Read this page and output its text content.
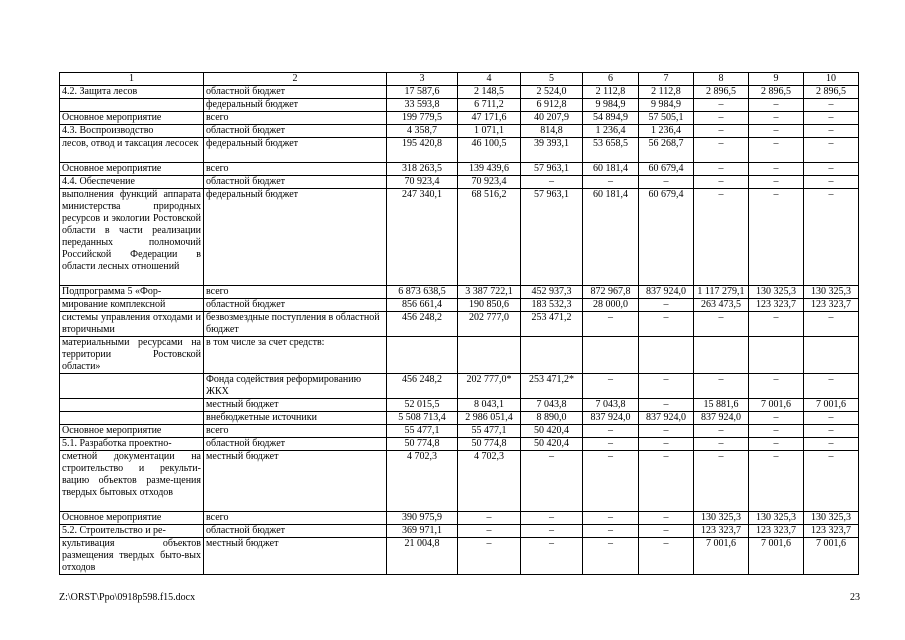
1	2	3	4	5	6	7	8	9	10
4.2. Защита лесов	областной бюджет	17 587,6	2 148,5	2 524,0	2 112,8	2 112,8	2 896,5	2 896,5	2 896,5
	федеральный бюджет	33 593,8	6 711,2	6 912,8	9 984,9	9 984,9	–	–	–
Основное мероприятие	всего	199 779,5	47 171,6	40 207,9	54 894,9	57 505,1	–	–	–
4.3. Воспроизводство	областной бюджет	4 358,7	1 071,1	814,8	1 236,4	1 236,4	–	–	–
лесов, отвод и таксация лесосек	федеральный бюджет	195 420,8	46 100,5	39 393,1	53 658,5	56 268,7	–	–	–
Основное мероприятие	всего	318 263,5	139 439,6	57 963,1	60 181,4	60 679,4	–	–	–
4.4. Обеспечение	областной бюджет	70 923,4	70 923,4	–	–	–	–	–	–
выполнения функций аппарата министерства природных ресурсов и экологии Ростовской области в части реализации переданных полномочий Российской Федерации в области лесных отношений	федеральный бюджет	247 340,1	68 516,2	57 963,1	60 181,4	60 679,4	–	–	–
Подпрограмма 5 «Фор-	всего	6 873 638,5	3 387 722,1	452 937,3	872 967,8	837 924,0	1 117 279,1	130 325,3	130 325,3
мирование комплексной	областной бюджет	856 661,4	190 850,6	183 532,3	28 000,0	–	263 473,5	123 323,7	123 323,7
системы управления отходами и вторичными	безвозмездные поступления в областной бюджет	456 248,2	202 777,0	253 471,2	–	–	–	–	–
материальными ресурсами на территории Ростовской области»	в том числе за счет средств:								
	Фонда содействия реформированию ЖКХ	456 248,2	202 777,0*	253 471,2*	–	–	–	–	–
	местный бюджет	52 015,5	8 043,1	7 043,8	7 043,8	–	15 881,6	7 001,6	7 001,6
	внебюджетные источники	5 508 713,4	2 986 051,4	8 890,0	837 924,0	837 924,0	837 924,0	–	–
Основное мероприятие	всего	55 477,1	55 477,1	50 420,4	–	–	–	–	–
5.1. Разработка проектно-	областной бюджет	50 774,8	50 774,8	50 420,4	–	–	–	–	–
сметной документации на строительство и рекульти-вацию объектов разме-щения твердых бытовых отходов	местный бюджет	4 702,3	4 702,3	–	–	–	–	–	–
Основное мероприятие	всего	390 975,9	–	–	–	–	130 325,3	130 325,3	130 325,3
5.2. Строительство и ре-	областной бюджет	369 971,1	–	–	–	–	123 323,7	123 323,7	123 323,7
культивация объектов размещения твердых быто-вых отходов	местный бюджет	21 004,8	–	–	–	–	7 001,6	7 001,6	7 001,6
Z:\ORST\Ppo\0918p598.f15.docx	23
